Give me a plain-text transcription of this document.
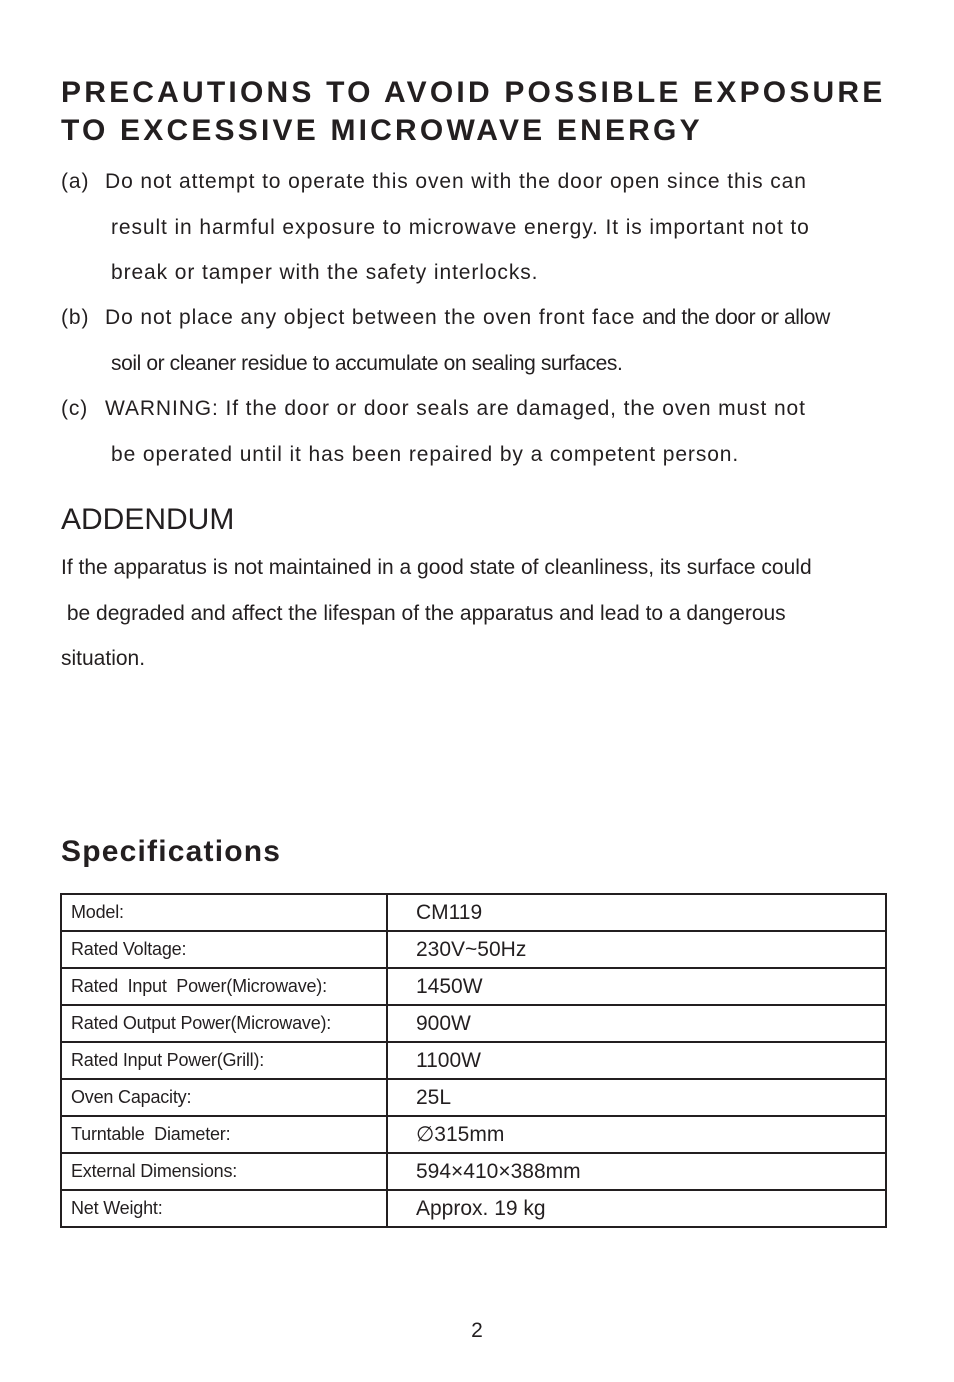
PRECAUTIONS TO AVOID POSSIBLE EXPOSURE
TO EXCESSIVE MICROWAVE ENERGY
(a) Do not attempt to operate this oven with the door open since this can
result in harmful exposure to microwave energy. It is important not to
break or tamper with the safety interlocks.
(b) Do not place any object between the oven front face and the door or allow
soil or cleaner residue to accumulate on sealing surfaces.
(c) WARNING: If the door or door seals are damaged, the oven must not
be operated until it has been repaired by a competent person.
ADDENDUM
If the apparatus is not maintained in a good state of cleanliness, its surface could
be degraded and affect the lifespan of the apparatus and lead to a dangerous
situation.
Specifications
Model:	CM119
Rated Voltage:	230V~50Hz
Rated  Input  Power(Microwave):	1450W
Rated Output Power(Microwave):	900W
Rated Input Power(Grill):	1100W
Oven Capacity:	25L
Turntable  Diameter:	∅315mm
External Dimensions:	594×410×388mm
Net Weight:	Approx. 19 kg
2
